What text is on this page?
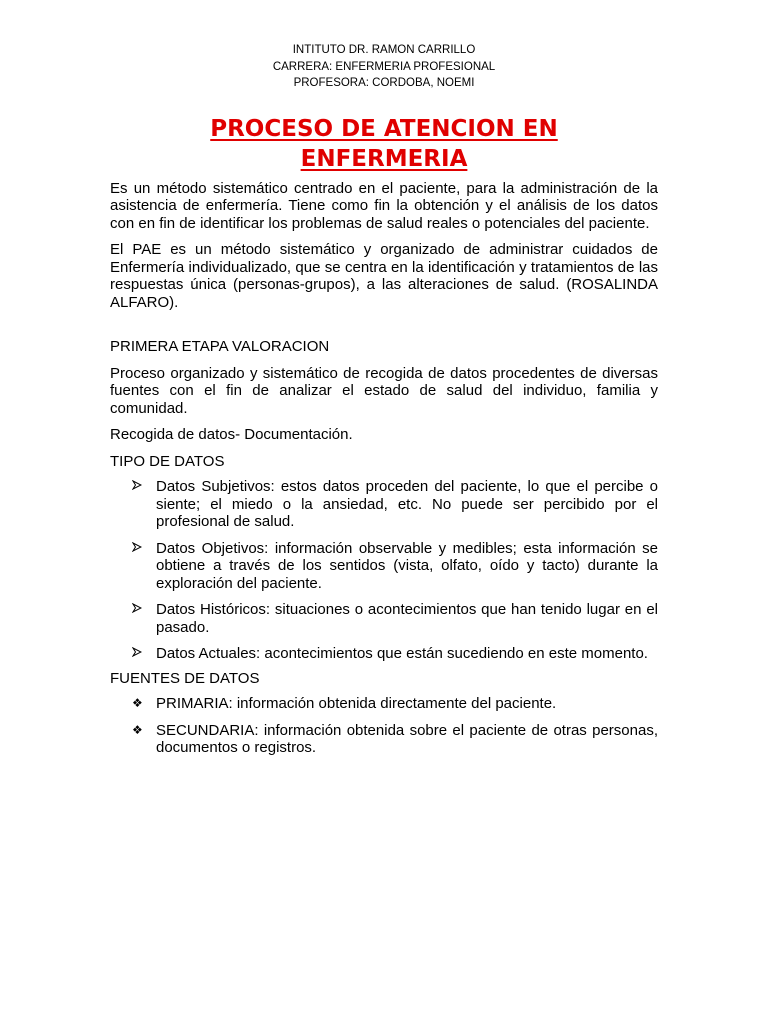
INTITUTO DR. RAMON CARRILLO
CARRERA: ENFERMERIA PROFESIONAL
PROFESORA: CORDOBA, NOEMI
PROCESO DE ATENCION EN
ENFERMERIA

Es un método sistemático centrado en el paciente, para la administración de la asistencia de enfermería. Tiene como fin la obtención y el análisis de los datos con en fin de identificar los problemas de salud reales o potenciales del paciente.

El PAE es un método sistemático y organizado de administrar cuidados de Enfermería individualizado, que se centra en la identificación y tratamientos de las respuestas única (personas-grupos), a las alteraciones de salud. (ROSALINDA ALFARO).

PRIMERA ETAPA VALORACION

Proceso organizado y sistemático de recogida de datos procedentes de diversas fuentes con el fin de analizar el estado de salud del individuo, familia y comunidad.

Recogida de datos- Documentación.

TIPO DE DATOS

Datos Subjetivos: estos datos proceden del paciente, lo que el percibe o siente; el miedo o la ansiedad, etc. No puede ser percibido por el profesional de salud.
Datos Objetivos: información observable y medibles; esta información se obtiene a través de los sentidos (vista, olfato, oído y tacto) durante la exploración del paciente.
Datos Históricos: situaciones o acontecimientos que han tenido lugar en el pasado.
Datos Actuales: acontecimientos que están sucediendo en este momento.

FUENTES DE DATOS

❖ PRIMARIA: información obtenida directamente del paciente.
❖ SECUNDARIA: información obtenida sobre el paciente de otras personas, documentos o registros.
